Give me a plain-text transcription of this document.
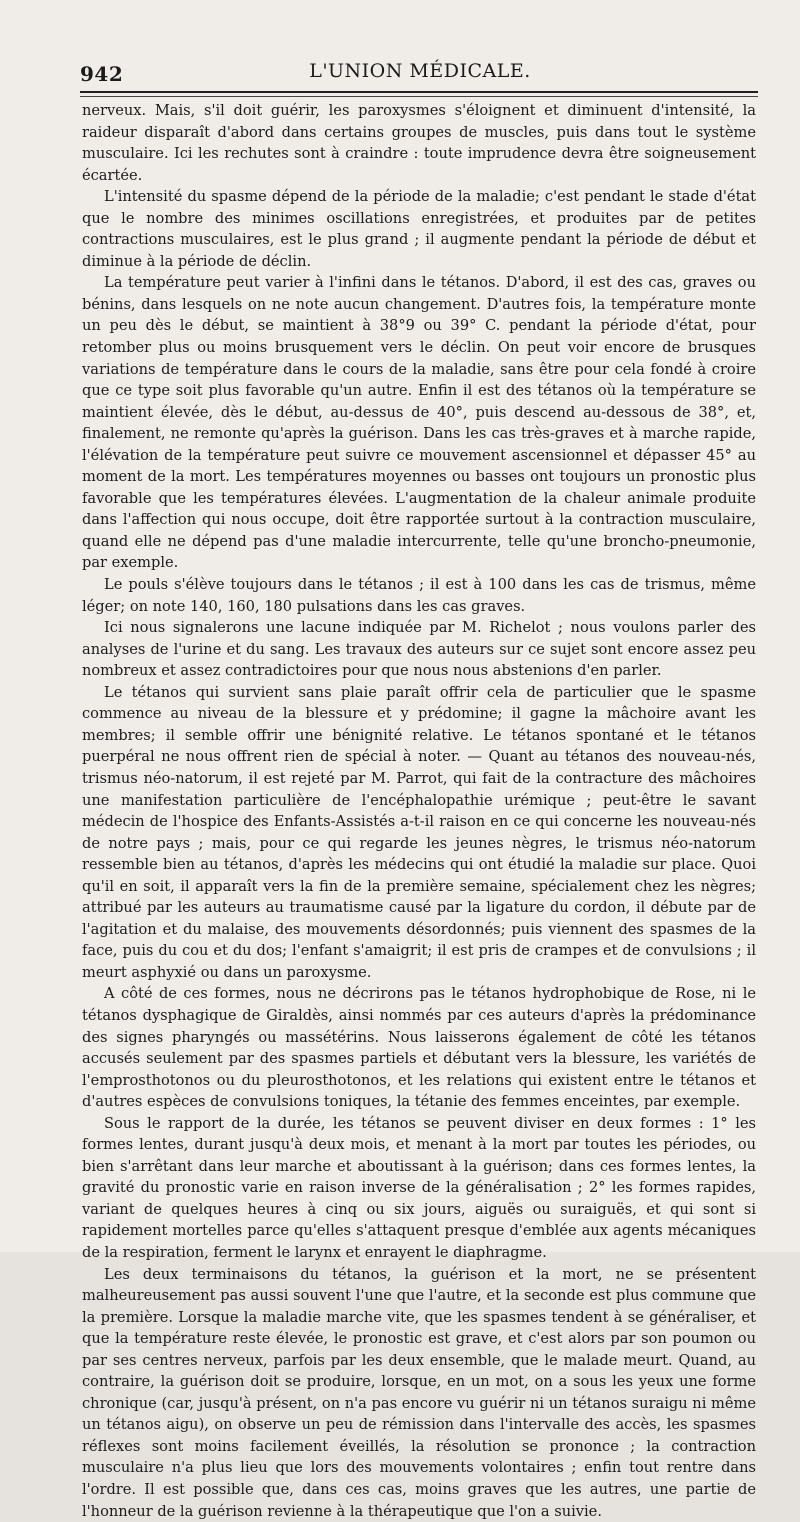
942	L'UNION MÉDICALE.

nerveux. Mais, s'il doit guérir, les paroxysmes s'éloignent et diminuent d'intensité, la raideur disparaît d'abord dans certains groupes de muscles, puis dans tout le système musculaire. Ici les rechutes sont à craindre : toute imprudence devra être soigneusement écartée.

L'intensité du spasme dépend de la période de la maladie; c'est pendant le stade d'état que le nombre des minimes oscillations enregistrées, et produites par de petites contractions musculaires, est le plus grand ; il augmente pendant la période de début et diminue à la période de déclin.

La température peut varier à l'infini dans le tétanos. D'abord, il est des cas, graves ou bénins, dans lesquels on ne note aucun changement. D'autres fois, la température monte un peu dès le début, se maintient à 38°9 ou 39° C. pendant la période d'état, pour retomber plus ou moins brusquement vers le déclin. On peut voir encore de brusques variations de température dans le cours de la maladie, sans être pour cela fondé à croire que ce type soit plus favorable qu'un autre. Enfin il est des tétanos où la température se maintient élevée, dès le début, au-dessus de 40°, puis descend au-dessous de 38°, et, finalement, ne remonte qu'après la guérison. Dans les cas très-graves et à marche rapide, l'élévation de la température peut suivre ce mouvement ascensionnel et dépasser 45° au moment de la mort. Les températures moyennes ou basses ont toujours un pronostic plus favorable que les températures élevées. L'augmentation de la chaleur animale produite dans l'affection qui nous occupe, doit être rapportée surtout à la contraction musculaire, quand elle ne dépend pas d'une maladie intercurrente, telle qu'une broncho-pneumonie, par exemple.

Le pouls s'élève toujours dans le tétanos ; il est à 100 dans les cas de trismus, même léger; on note 140, 160, 180 pulsations dans les cas graves.

Ici nous signalerons une lacune indiquée par M. Richelot ; nous voulons parler des analyses de l'urine et du sang. Les travaux des auteurs sur ce sujet sont encore assez peu nombreux et assez contradictoires pour que nous nous abstenions d'en parler.

Le tétanos qui survient sans plaie paraît offrir cela de particulier que le spasme commence au niveau de la blessure et y prédomine; il gagne la mâchoire avant les membres; il semble offrir une bénignité relative. Le tétanos spontané et le tétanos puerpéral ne nous offrent rien de spécial à noter. — Quant au tétanos des nouveau-nés, trismus néo-natorum, il est rejeté par M. Parrot, qui fait de la contracture des mâchoires une manifestation particulière de l'encéphalopathie urémique ; peut-être le savant médecin de l'hospice des Enfants-Assistés a-t-il raison en ce qui concerne les nouveau-nés de notre pays ; mais, pour ce qui regarde les jeunes nègres, le trismus néo-natorum ressemble bien au tétanos, d'après les médecins qui ont étudié la maladie sur place. Quoi qu'il en soit, il apparaît vers la fin de la première semaine, spécialement chez les nègres; attribué par les auteurs au traumatisme causé par la ligature du cordon, il débute par de l'agitation et du malaise, des mouvements désordonnés; puis viennent des spasmes de la face, puis du cou et du dos; l'enfant s'amaigrit; il est pris de crampes et de convulsions ; il meurt asphyxié ou dans un paroxysme.

A côté de ces formes, nous ne décrirons pas le tétanos hydrophobique de Rose, ni le tétanos dysphagique de Giraldès, ainsi nommés par ces auteurs d'après la prédominance des signes pharyngés ou massétérins. Nous laisserons également de côté les tétanos accusés seulement par des spasmes partiels et débutant vers la blessure, les variétés de l'emprosthotonos ou du pleurosthotonos, et les relations qui existent entre le tétanos et d'autres espèces de convulsions toniques, la tétanie des femmes enceintes, par exemple.

Sous le rapport de la durée, les tétanos se peuvent diviser en deux formes : 1° les formes lentes, durant jusqu'à deux mois, et menant à la mort par toutes les périodes, ou bien s'arrêtant dans leur marche et aboutissant à la guérison; dans ces formes lentes, la gravité du pronostic varie en raison inverse de la généralisation ; 2° les formes rapides, variant de quelques heures à cinq ou six jours, aiguës ou suraiguës, et qui sont si rapidement mortelles parce qu'elles s'attaquent presque d'emblée aux agents mécaniques de la respiration, ferment le larynx et enrayent le diaphragme.

Les deux terminaisons du tétanos, la guérison et la mort, ne se présentent malheureusement pas aussi souvent l'une que l'autre, et la seconde est plus commune que la première. Lorsque la maladie marche vite, que les spasmes tendent à se généraliser, et que la température reste élevée, le pronostic est grave, et c'est alors par son poumon ou par ses centres nerveux, parfois par les deux ensemble, que le malade meurt. Quand, au contraire, la guérison doit se produire, lorsque, en un mot, on a sous les yeux une forme chronique (car, jusqu'à présent, on n'a pas encore vu guérir ni un tétanos suraigu ni même un tétanos aigu), on observe un peu de rémission dans l'intervalle des accès, les spasmes réflexes sont moins facilement éveillés, la résolution se prononce ; la contraction musculaire n'a plus lieu que lors des mouvements volontaires ; enfin tout rentre dans l'ordre. Il est possible que, dans ces cas, moins graves que les autres, une partie de l'honneur de la guérison revienne à la thérapeutique que l'on a suivie.
